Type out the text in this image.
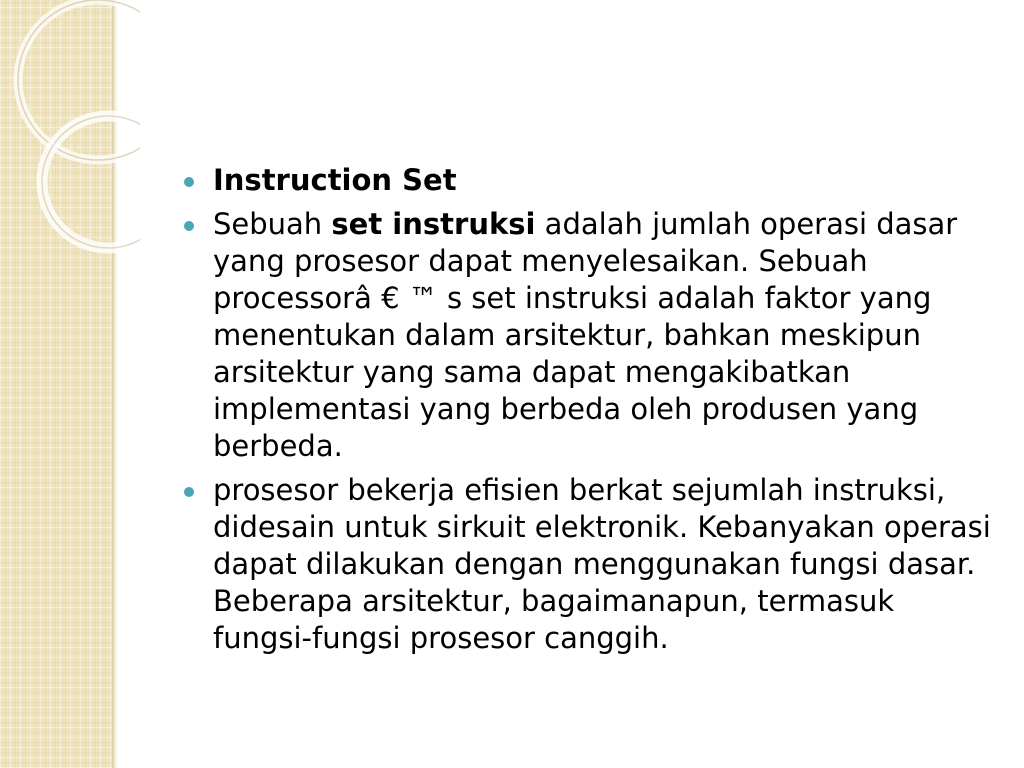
Instruction Set
Sebuah set instruksi adalah jumlah operasi dasar yang prosesor dapat menyelesaikan. Sebuah processorâ € ™ s set instruksi adalah faktor yang menentukan dalam arsitektur, bahkan meskipun arsitektur yang sama dapat mengakibatkan implementasi yang berbeda oleh produsen yang berbeda.
prosesor bekerja efisien berkat sejumlah instruksi, didesain untuk sirkuit elektronik. Kebanyakan operasi dapat dilakukan dengan menggunakan fungsi dasar. Beberapa arsitektur, bagaimanapun, termasuk fungsi-fungsi prosesor canggih.
